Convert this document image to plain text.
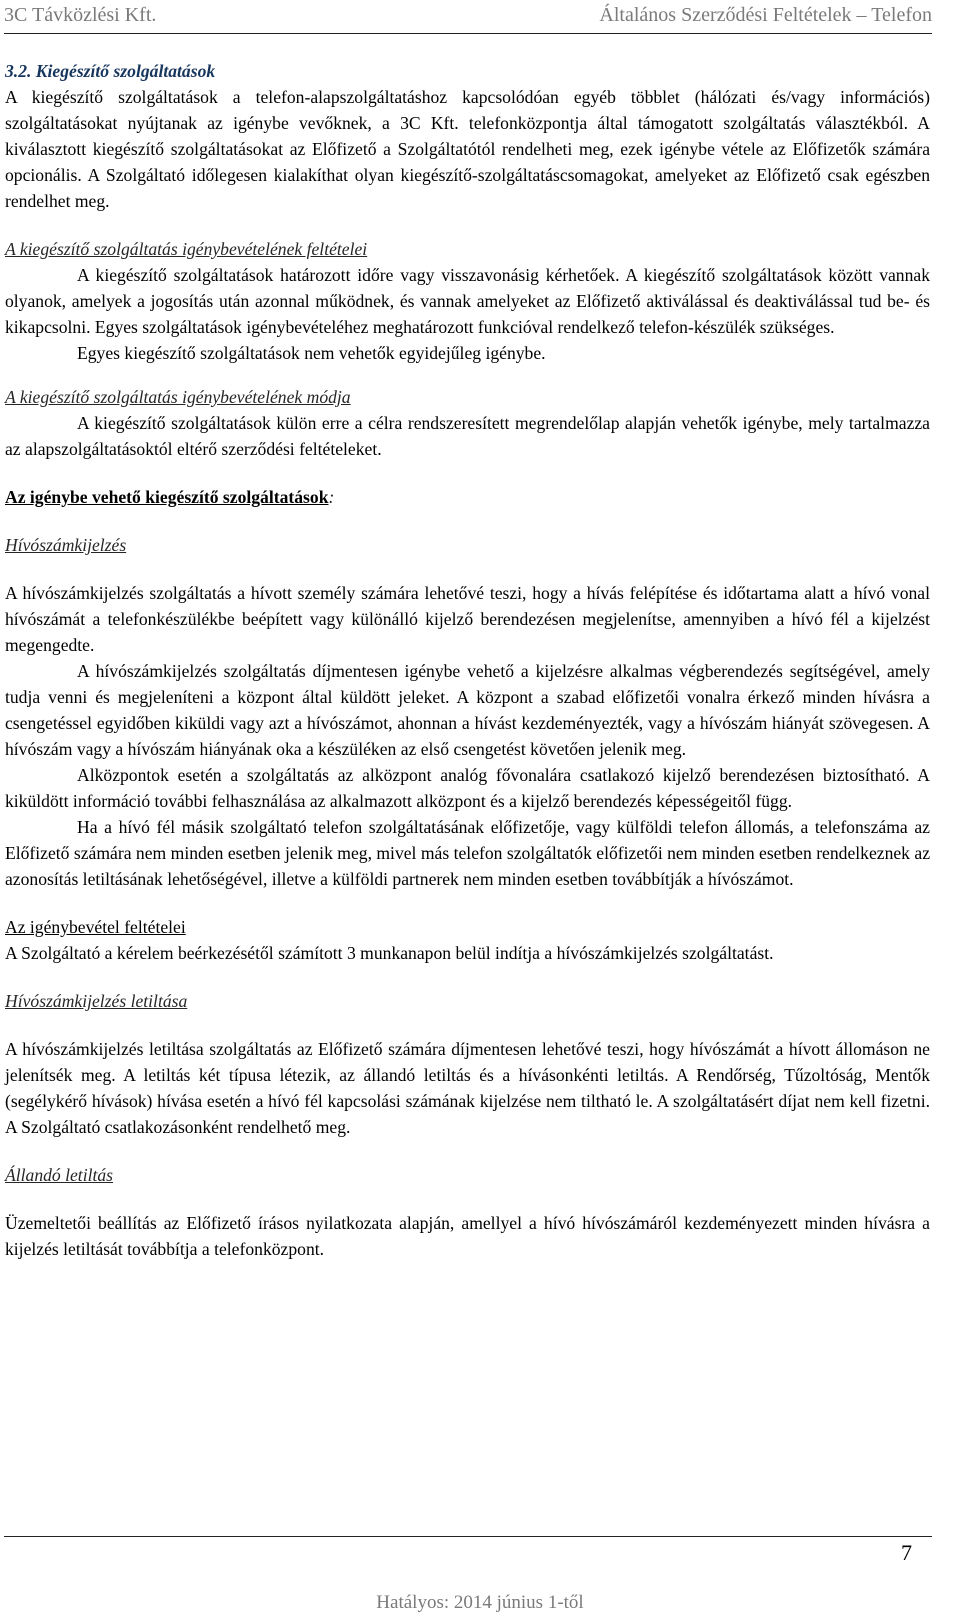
3C Távközlési Kft.	Általános Szerződési Feltételek – Telefon

3.2. Kiegészítő szolgáltatások

A kiegészítő szolgáltatások a telefon-alapszolgáltatáshoz kapcsolódóan egyéb többlet (hálózati és/vagy információs) szolgáltatásokat nyújtanak az igénybe vevőknek, a 3C Kft. telefonközpontja által támogatott szolgáltatás választékból. A kiválasztott kiegészítő szolgáltatásokat az Előfizető a Szolgáltatótól rendelheti meg, ezek igénybe vétele az Előfizetők számára opcionális. A Szolgáltató időlegesen kialakíthat olyan kiegészítő-szolgáltatáscsomagokat, amelyeket az Előfizető csak egészben rendelhet meg.

A kiegészítő szolgáltatás igénybevételének feltételei

A kiegészítő szolgáltatások határozott időre vagy visszavonásig kérhetőek. A kiegészítő szolgáltatások között vannak olyanok, amelyek a jogosítás után azonnal működnek, és vannak amelyeket az Előfizető aktiválással és deaktiválással tud be- és kikapcsolni. Egyes szolgáltatások igénybevételéhez meghatározott funkcióval rendelkező telefon-készülék szükséges.

Egyes kiegészítő szolgáltatások nem vehetők egyidejűleg igénybe.

A kiegészítő szolgáltatás igénybevételének módja

A kiegészítő szolgáltatások külön erre a célra rendszeresített megrendelőlap alapján vehetők igénybe, mely tartalmazza az alapszolgáltatásoktól eltérő szerződési feltételeket.

Az igénybe vehető kiegészítő szolgáltatások:

Hívószámkijelzés

A hívószámkijelzés szolgáltatás a hívott személy számára lehetővé teszi, hogy a hívás felépítése és időtartama alatt a hívó vonal hívószámát a telefonkészülékbe beépített vagy különálló kijelző berendezésen megjelenítse, amennyiben a hívó fél a kijelzést megengedte.

A hívószámkijelzés szolgáltatás díjmentesen igénybe vehető a kijelzésre alkalmas végberendezés segítségével, amely tudja venni és megjeleníteni a központ által küldött jeleket. A központ a szabad előfizetői vonalra érkező minden hívásra a csengetéssel egyidőben kiküldi vagy azt a hívószámot, ahonnan a hívást kezdeményezték, vagy a hívószám hiányát szövegesen. A hívószám vagy a hívószám hiányának oka a készüléken az első csengetést követően jelenik meg.

Alközpontok esetén a szolgáltatás az alközpont analóg fővonalára csatlakozó kijelző berendezésen biztosítható. A kiküldött információ további felhasználása az alkalmazott alközpont és a kijelző berendezés képességeitől függ.

Ha a hívó fél másik szolgáltató telefon szolgáltatásának előfizetője, vagy külföldi telefon állomás, a telefonszáma az Előfizető számára nem minden esetben jelenik meg, mivel más telefon szolgáltatók előfizetői nem minden esetben rendelkeznek az azonosítás letiltásának lehetőségével, illetve a külföldi partnerek nem minden esetben továbbítják a hívószámot.

Az igénybevétel feltételei

A Szolgáltató a kérelem beérkezésétől számított 3 munkanapon belül indítja a hívószámkijelzés szolgáltatást.

Hívószámkijelzés letiltása

A hívószámkijelzés letiltása szolgáltatás az Előfizető számára díjmentesen lehetővé teszi, hogy hívószámát a hívott állomáson ne jelenítsék meg. A letiltás két típusa létezik, az állandó letiltás és a hívásonkénti letiltás. A Rendőrség, Tűzoltóság, Mentők (segélykérő hívások) hívása esetén a hívó fél kapcsolási számának kijelzése nem tiltható le. A szolgáltatásért díjat nem kell fizetni. A Szolgáltató csatlakozásonként rendelhető meg.

Állandó letiltás

Üzemeltetői beállítás az Előfizető írásos nyilatkozata alapján, amellyel a hívó hívószámáról kezdeményezett minden hívásra a kijelzés letiltását továbbítja a telefonközpont.

7
Hatályos: 2014 június 1-től
